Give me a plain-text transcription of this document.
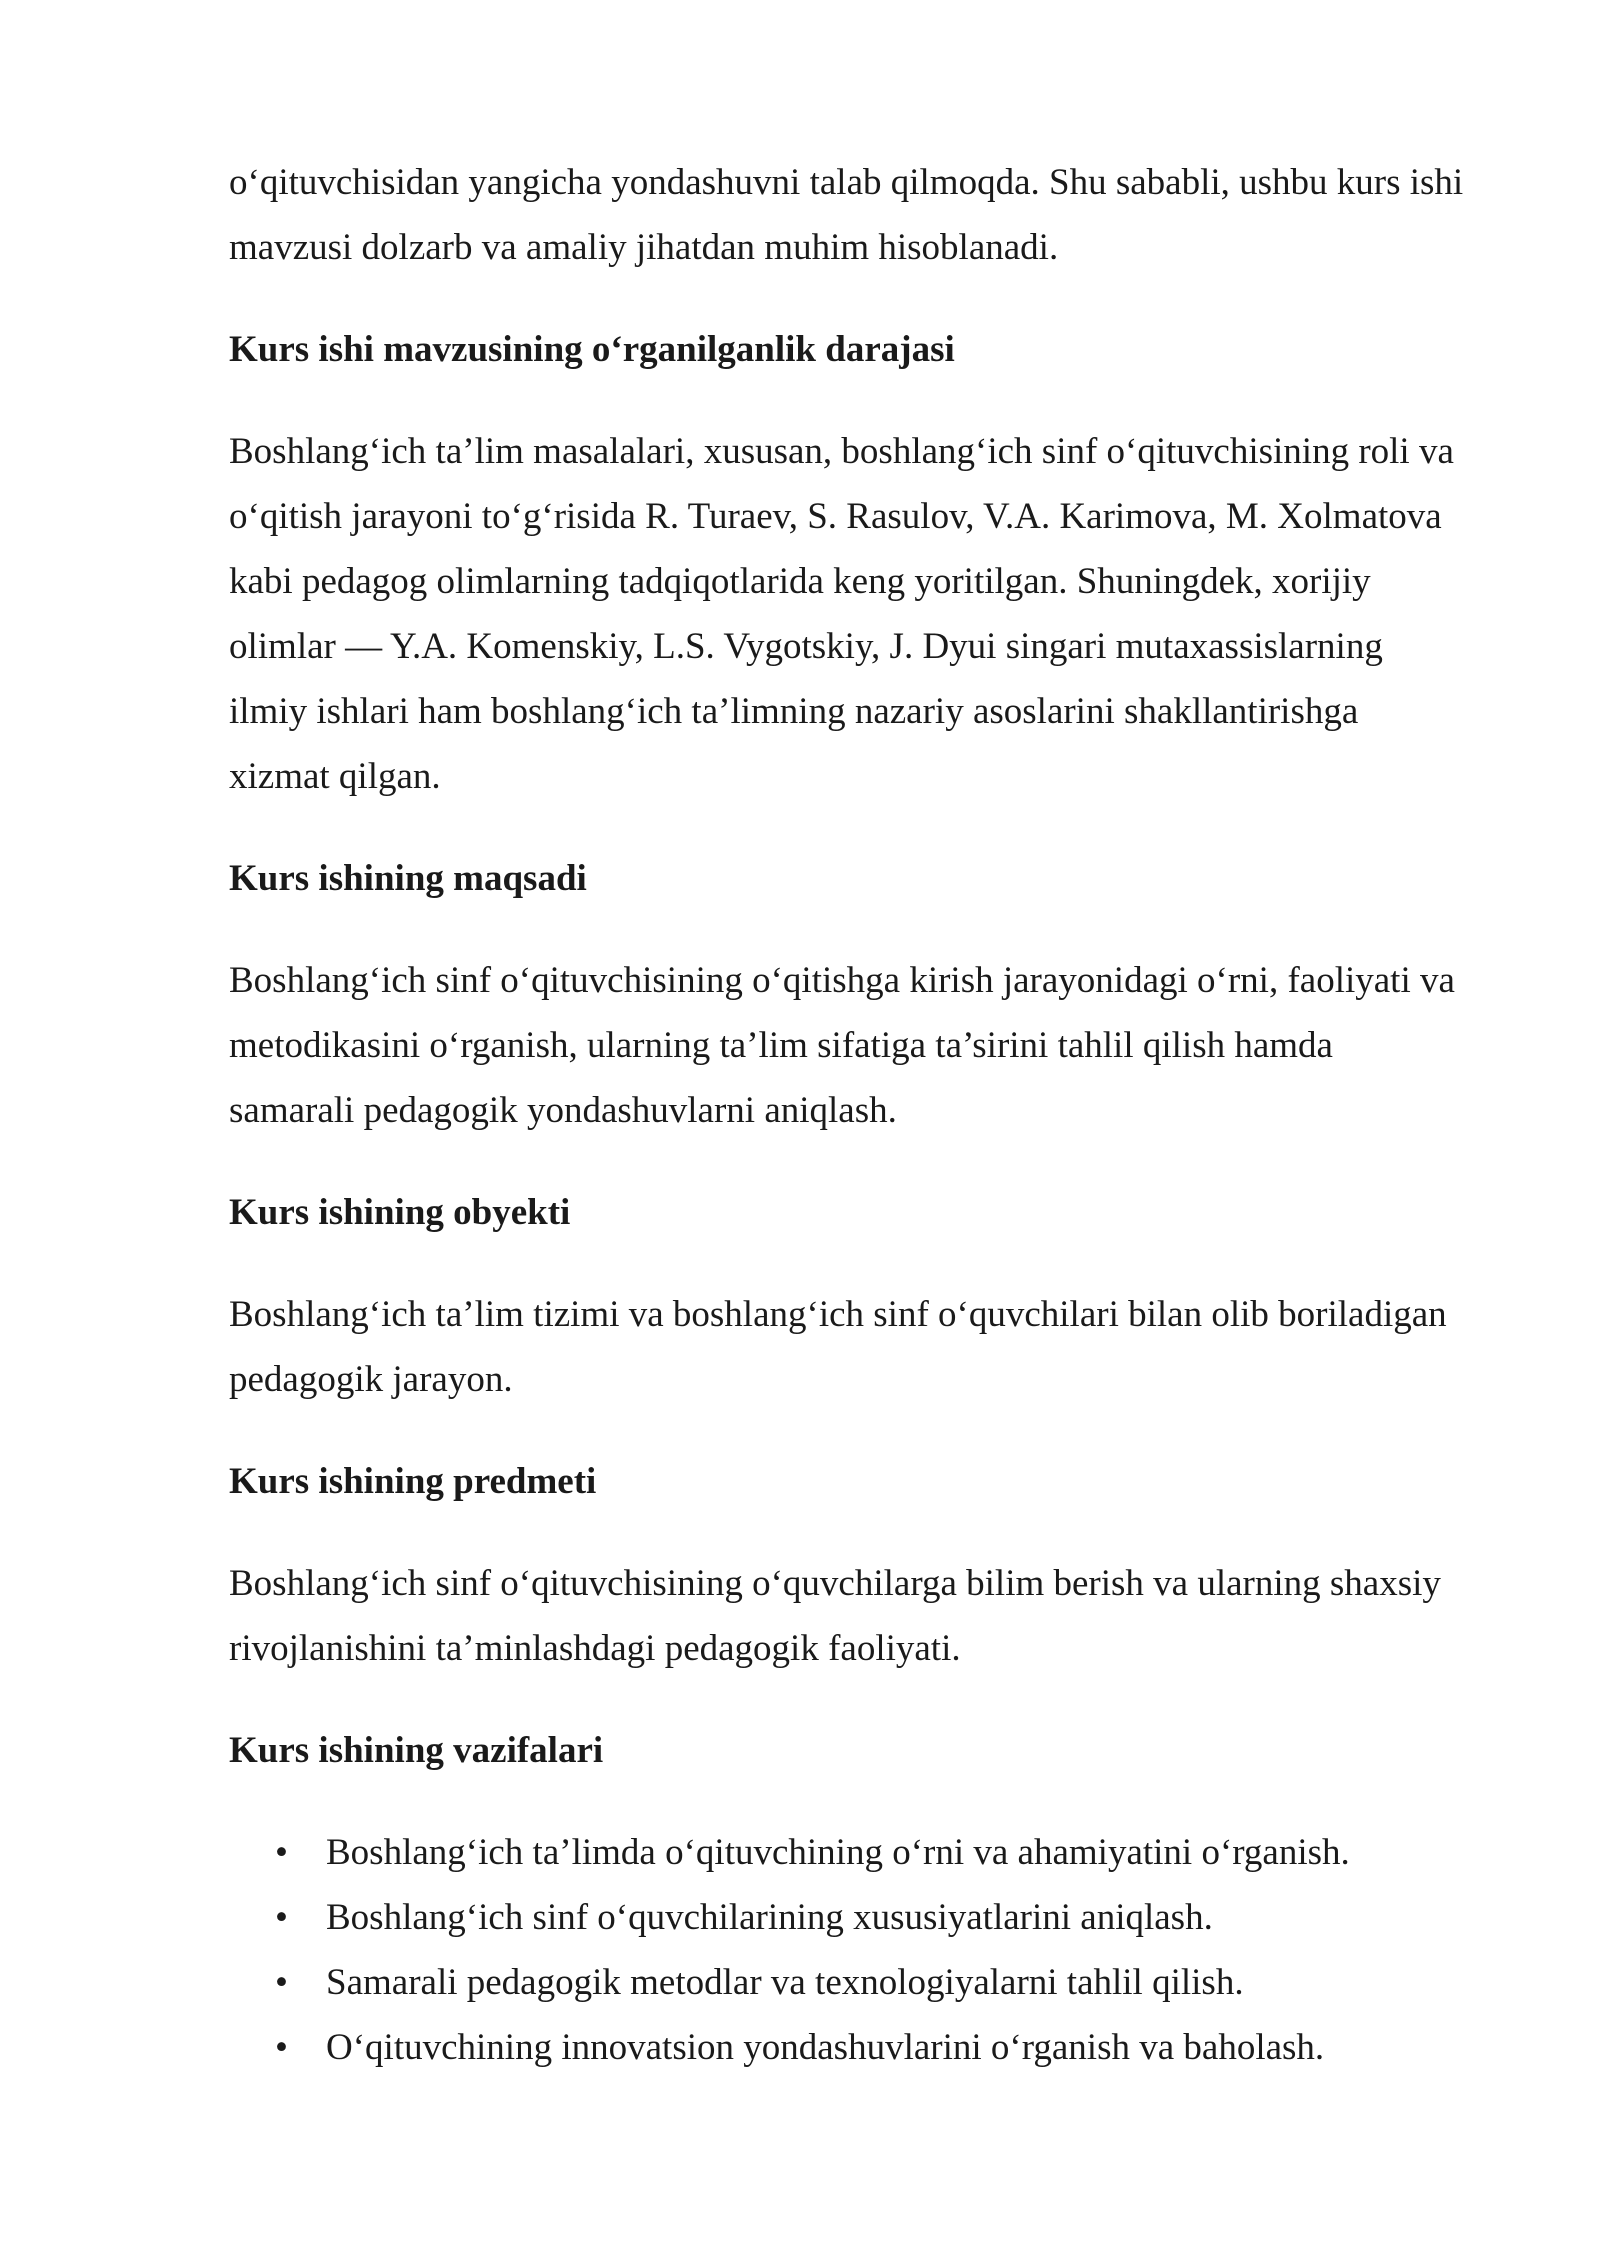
o‘qituvchisidan yangicha yondashuvni talab qilmoqda. Shu sababli, ushbu kurs ishi
mavzusi dolzarb va amaliy jihatdan muhim hisoblanadi.

Kurs ishi mavzusining o‘rganilganlik darajasi

Boshlang‘ich ta’lim masalalari, xususan, boshlang‘ich sinf o‘qituvchisining roli va
o‘qitish jarayoni to‘g‘risida R. Turaev, S. Rasulov, V.A. Karimova, M. Xolmatova
kabi pedagog olimlarning tadqiqotlarida keng yoritilgan. Shuningdek, xorijiy
olimlar — Y.A. Komenskiy, L.S. Vygotskiy, J. Dyui singari mutaxassislarning
ilmiy ishlari ham boshlang‘ich ta’limning nazariy asoslarini shakllantirishga
xizmat qilgan.

Kurs ishining maqsadi

Boshlang‘ich sinf o‘qituvchisining o‘qitishga kirish jarayonidagi o‘rni, faoliyati va
metodikasini o‘rganish, ularning ta’lim sifatiga ta’sirini tahlil qilish hamda
samarali pedagogik yondashuvlarni aniqlash.

Kurs ishining obyekti

Boshlang‘ich ta’lim tizimi va boshlang‘ich sinf o‘quvchilari bilan olib boriladigan
pedagogik jarayon.

Kurs ishining predmeti

Boshlang‘ich sinf o‘qituvchisining o‘quvchilarga bilim berish va ularning shaxsiy
rivojlanishini ta’minlashdagi pedagogik faoliyati.

Kurs ishining vazifalari
• Boshlang‘ich ta’limda o‘qituvchining o‘rni va ahamiyatini o‘rganish.
• Boshlang‘ich sinf o‘quvchilarining xususiyatlarini aniqlash.
• Samarali pedagogik metodlar va texnologiyalarni tahlil qilish.
• O‘qituvchining innovatsion yondashuvlarini o‘rganish va baholash.
